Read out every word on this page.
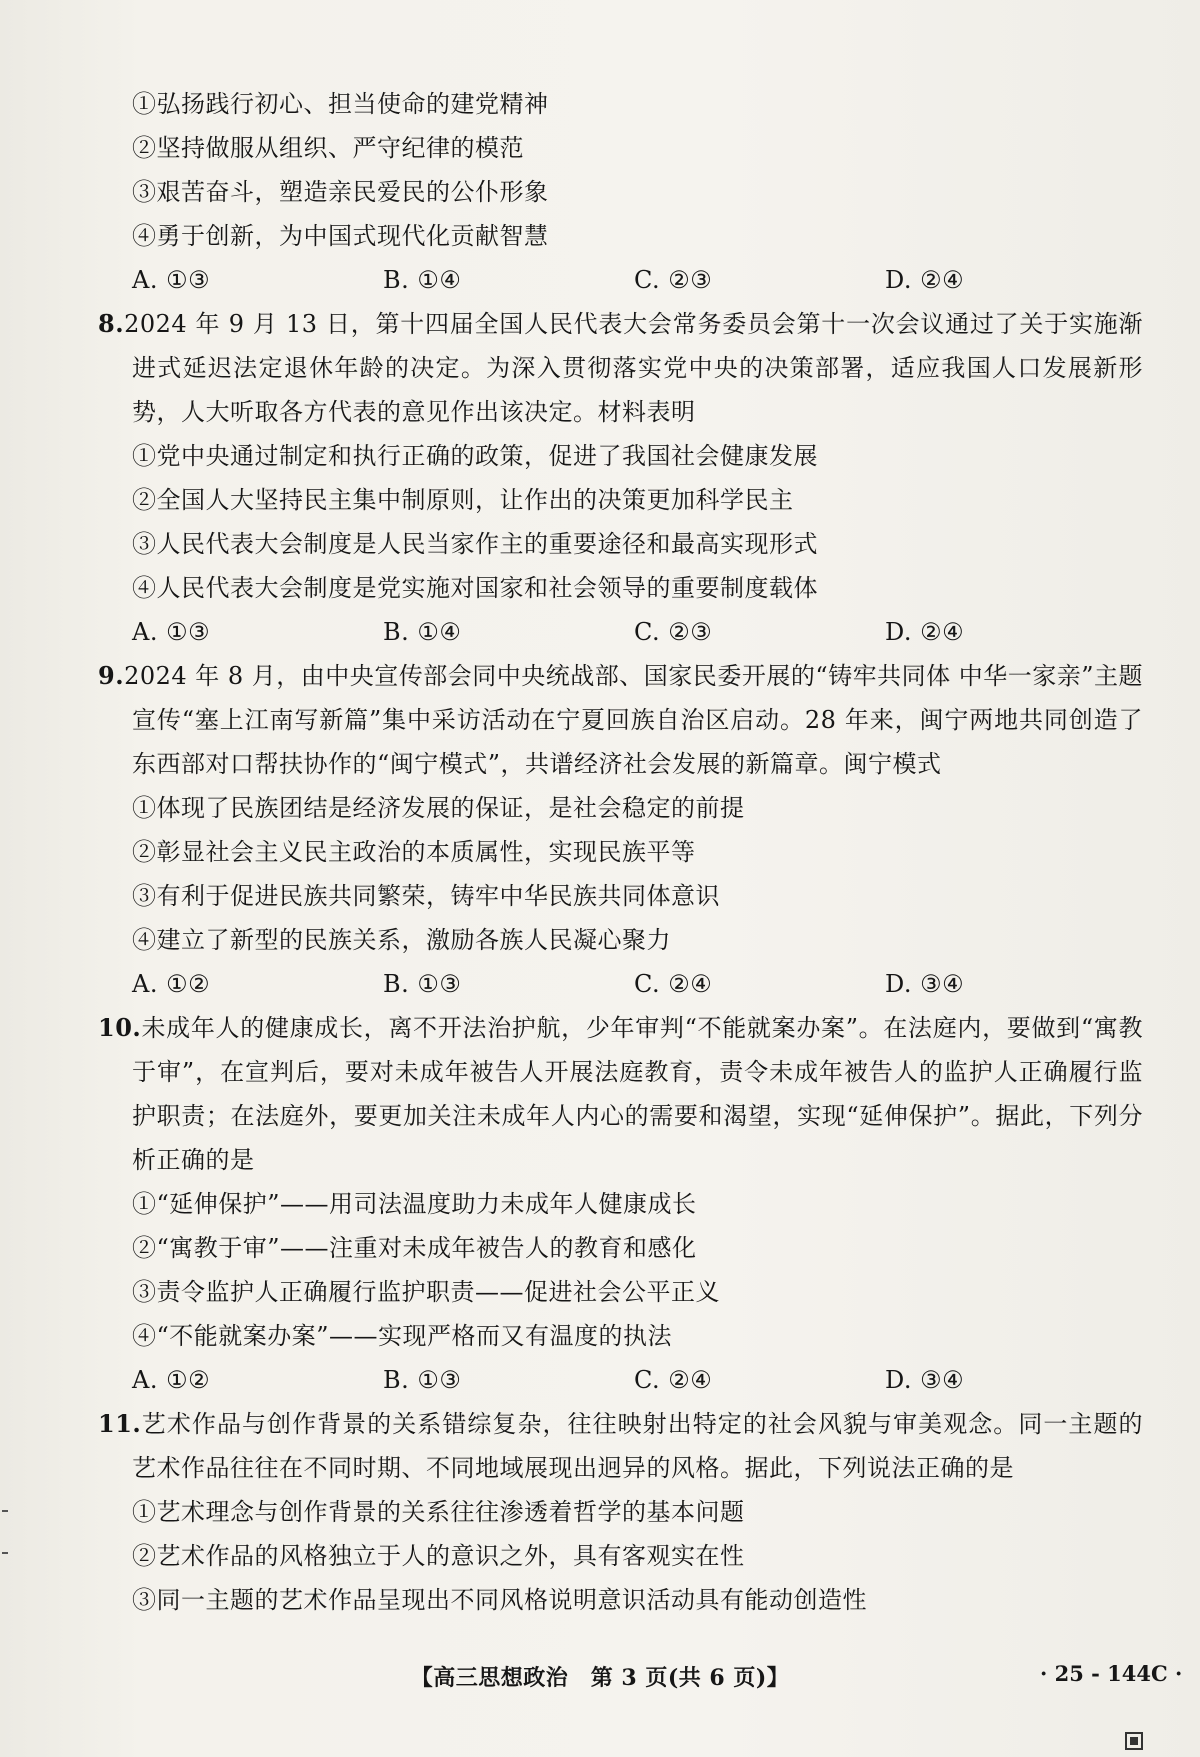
①弘扬践行初心、担当使命的建党精神
②坚持做服从组织、严守纪律的模范
③艰苦奋斗，塑造亲民爱民的公仆形象
④勇于创新，为中国式现代化贡献智慧
A. ①③	B. ①④	C. ②③	D. ②④
8.2024 年 9 月 13 日，第十四届全国人民代表大会常务委员会第十一次会议通过了关于实施渐进式延迟法定退休年龄的决定。为深入贯彻落实党中央的决策部署，适应我国人口发展新形势，人大听取各方代表的意见作出该决定。材料表明
①党中央通过制定和执行正确的政策，促进了我国社会健康发展
②全国人大坚持民主集中制原则，让作出的决策更加科学民主
③人民代表大会制度是人民当家作主的重要途径和最高实现形式
④人民代表大会制度是党实施对国家和社会领导的重要制度载体
A. ①③	B. ①④	C. ②③	D. ②④
9.2024 年 8 月，由中央宣传部会同中央统战部、国家民委开展的“铸牢共同体 中华一家亲”主题宣传“塞上江南写新篇”集中采访活动在宁夏回族自治区启动。28 年来，闽宁两地共同创造了东西部对口帮扶协作的“闽宁模式”，共谱经济社会发展的新篇章。闽宁模式
①体现了民族团结是经济发展的保证，是社会稳定的前提
②彰显社会主义民主政治的本质属性，实现民族平等
③有利于促进民族共同繁荣，铸牢中华民族共同体意识
④建立了新型的民族关系，激励各族人民凝心聚力
A. ①②	B. ①③	C. ②④	D. ③④
10.未成年人的健康成长，离不开法治护航，少年审判“不能就案办案”。在法庭内，要做到“寓教于审”，在宣判后，要对未成年被告人开展法庭教育，责令未成年被告人的监护人正确履行监护职责；在法庭外，要更加关注未成年人内心的需要和渴望，实现“延伸保护”。据此，下列分析正确的是
①“延伸保护”——用司法温度助力未成年人健康成长
②“寓教于审”——注重对未成年被告人的教育和感化
③责令监护人正确履行监护职责——促进社会公平正义
④“不能就案办案”——实现严格而又有温度的执法
A. ①②	B. ①③	C. ②④	D. ③④
11.艺术作品与创作背景的关系错综复杂，往往映射出特定的社会风貌与审美观念。同一主题的艺术作品往往在不同时期、不同地域展现出迥异的风格。据此，下列说法正确的是
①艺术理念与创作背景的关系往往渗透着哲学的基本问题
②艺术作品的风格独立于人的意识之外，具有客观实在性
③同一主题的艺术作品呈现出不同风格说明意识活动具有能动创造性
【高三思想政治　第 3 页(共 6 页)】	· 25 - 144C ·
